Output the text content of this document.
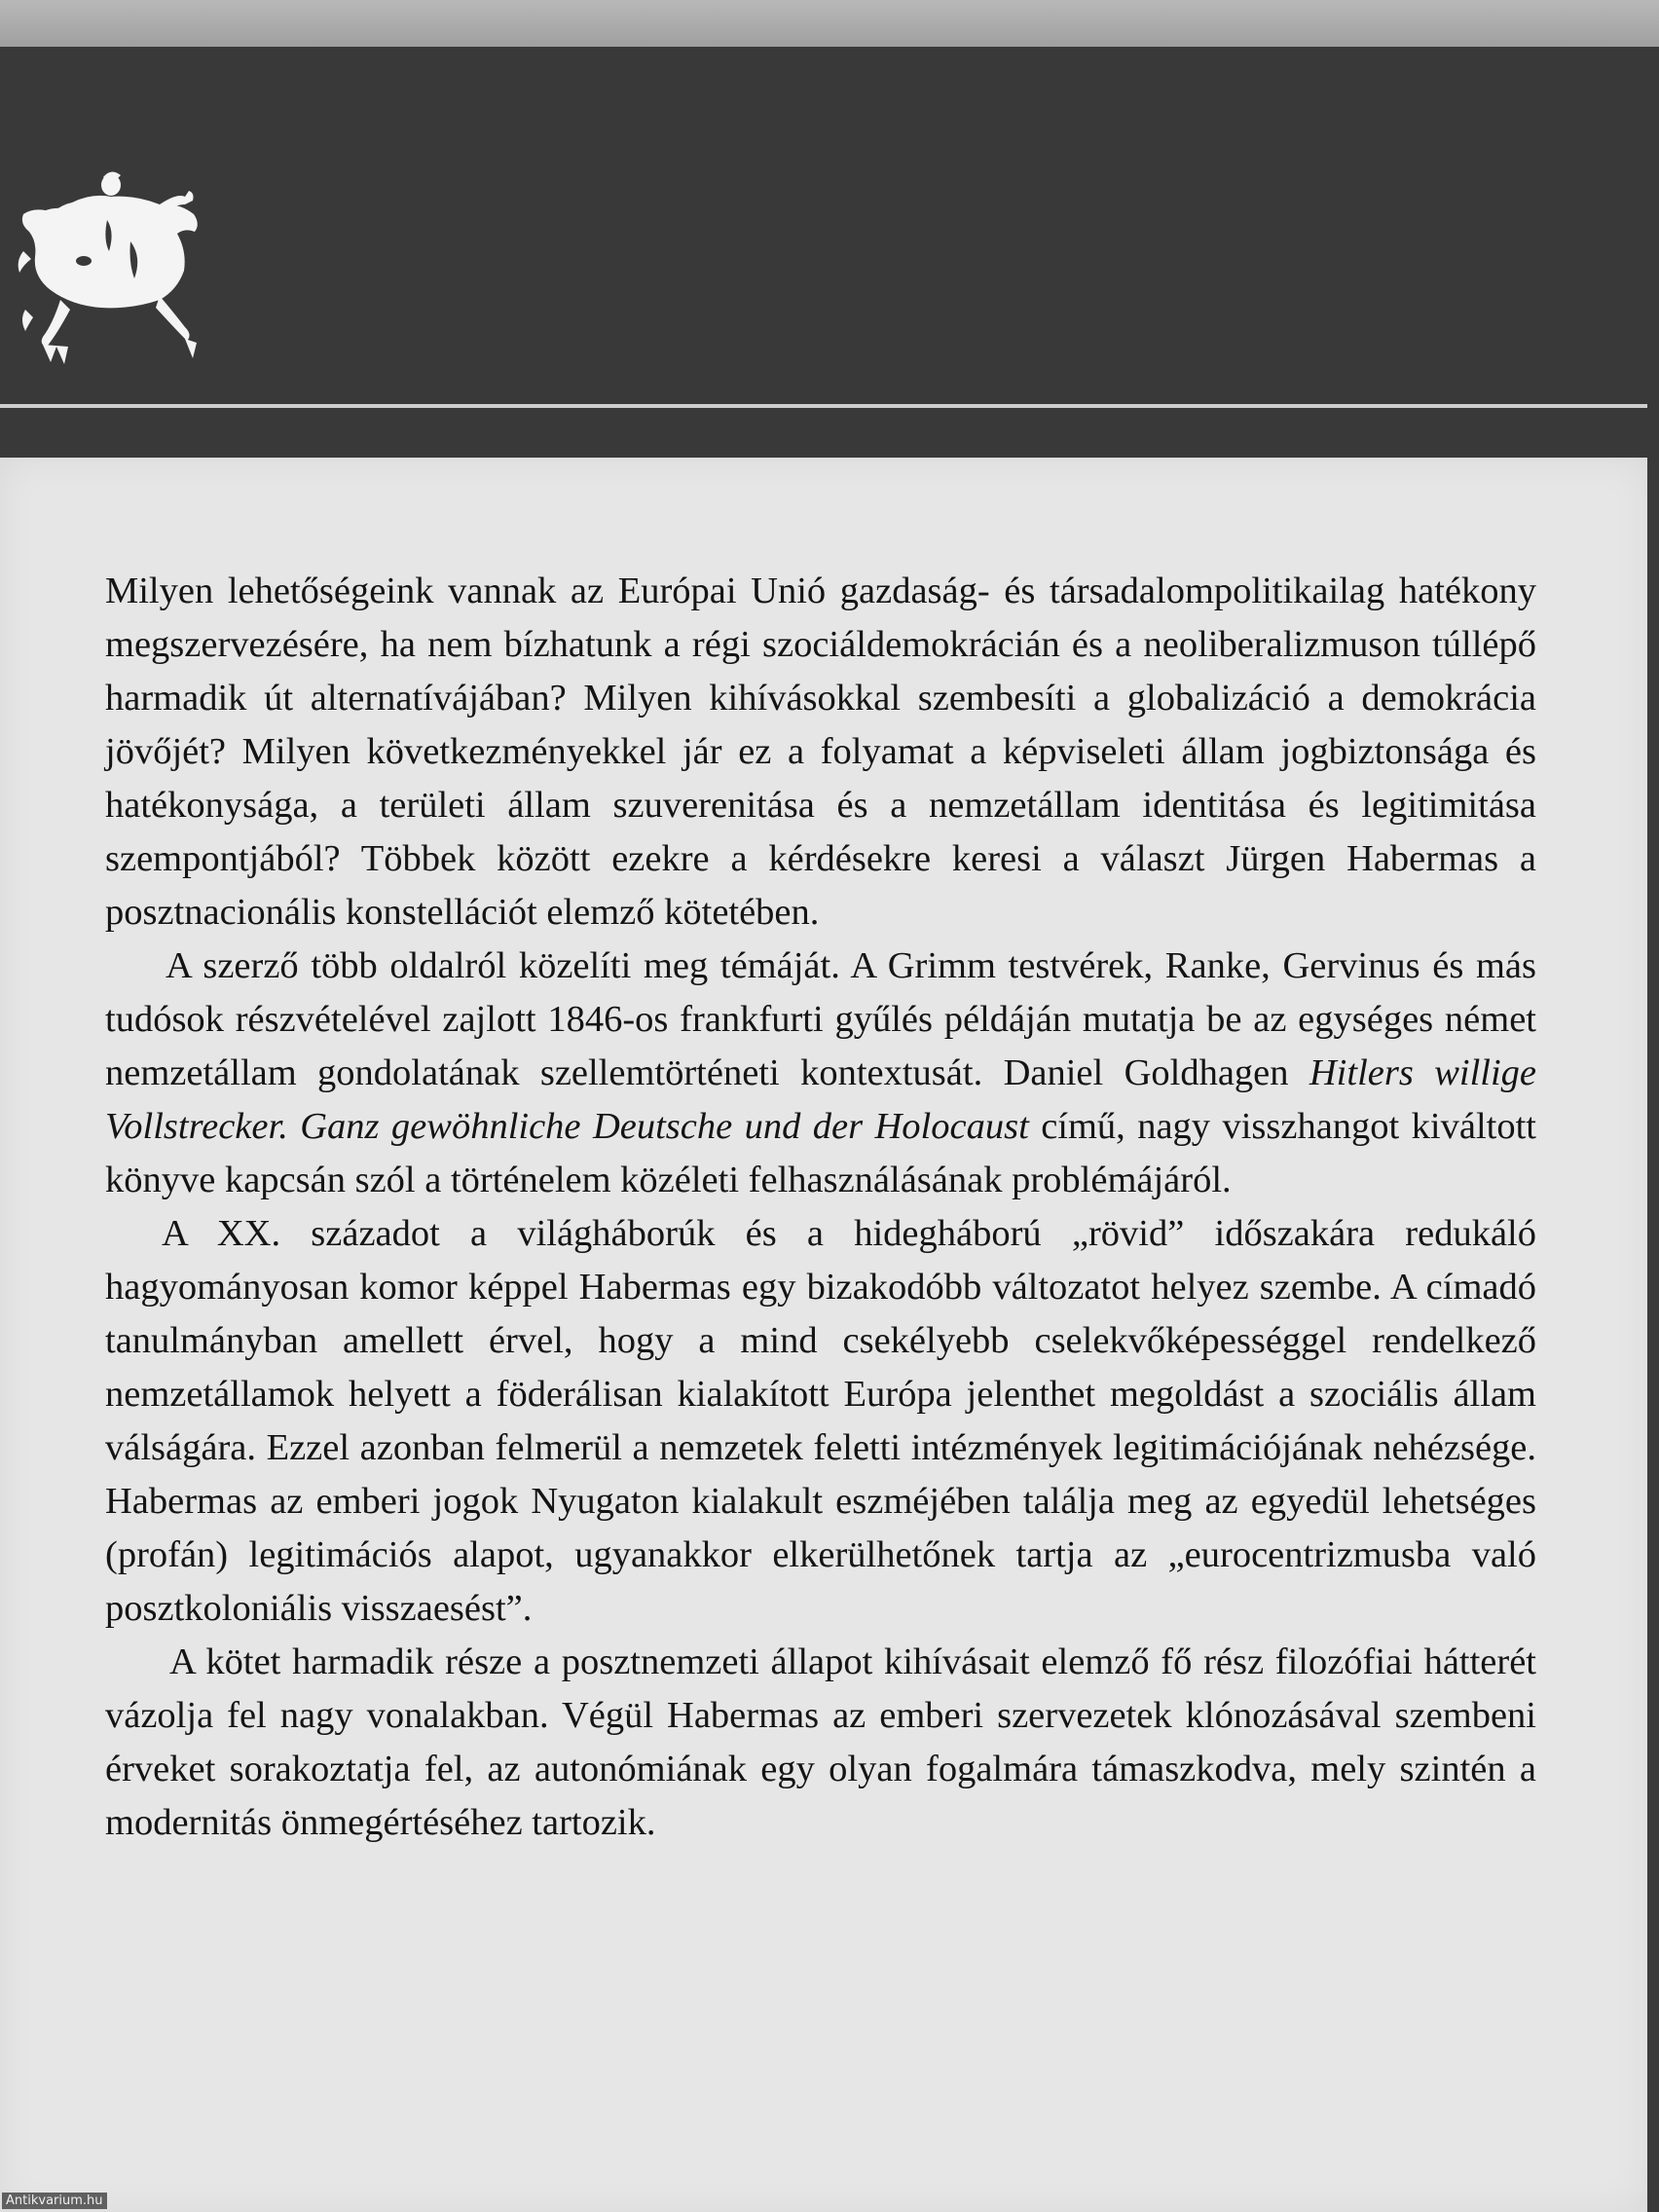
Milyen lehetőségeink vannak az Európai Unió gazdaság- és társadalompolitikailag hatékony megszervezésére, ha nem bízhatunk a régi szociáldemokrácián és a neoliberalizmuson túllépő harmadik út alternatívájában? Milyen kihívásokkal szembesíti a globalizáció a demokrácia jövőjét? Milyen következményekkel jár ez a folyamat a képviseleti állam jogbiztonsága és hatékonysága, a területi állam szuverenitása és a nemzetállam identitása és legitimitása szempontjából? Többek között ezekre a kérdésekre keresi a választ Jürgen Habermas a posztnacionális konstellációt elemző kötetében.

A szerző több oldalról közelíti meg témáját. A Grimm testvérek, Ranke, Gervinus és más tudósok részvételével zajlott 1846-os frankfurti gyűlés példáján mutatja be az egységes német nemzetállam gondolatának szellemtörténeti kontextusát. Daniel Goldhagen Hitlers willige Vollstrecker. Ganz gewöhnliche Deutsche und der Holocaust című, nagy visszhangot kiváltott könyve kapcsán szól a történelem közéleti felhasználásának problémájáról.

A XX. századot a világháborúk és a hidegháború „rövid” időszakára redukáló hagyományosan komor képpel Habermas egy bizakodóbb változatot helyez szembe. A címadó tanulmányban amellett érvel, hogy a mind csekélyebb cselekvőképességgel rendelkező nemzetállamok helyett a föderálisan kialakított Európa jelenthet megoldást a szociális állam válságára. Ezzel azonban felmerül a nemzetek feletti intézmények legitimációjának nehézsége. Habermas az emberi jogok Nyugaton kialakult eszméjében találja meg az egyedül lehetséges (profán) legitimációs alapot, ugyanakkor elkerülhetőnek tartja az „eurocentrizmusba való posztkoloniális visszaesést”.

A kötet harmadik része a posztnemzeti állapot kihívásait elemző fő rész filozófiai hátterét vázolja fel nagy vonalakban. Végül Habermas az emberi szervezetek klónozásával szembeni érveket sorakoztatja fel, az autonómiának egy olyan fogalmára támaszkodva, mely szintén a modernitás önmegértéséhez tartozik.

Antikvarium.hu
